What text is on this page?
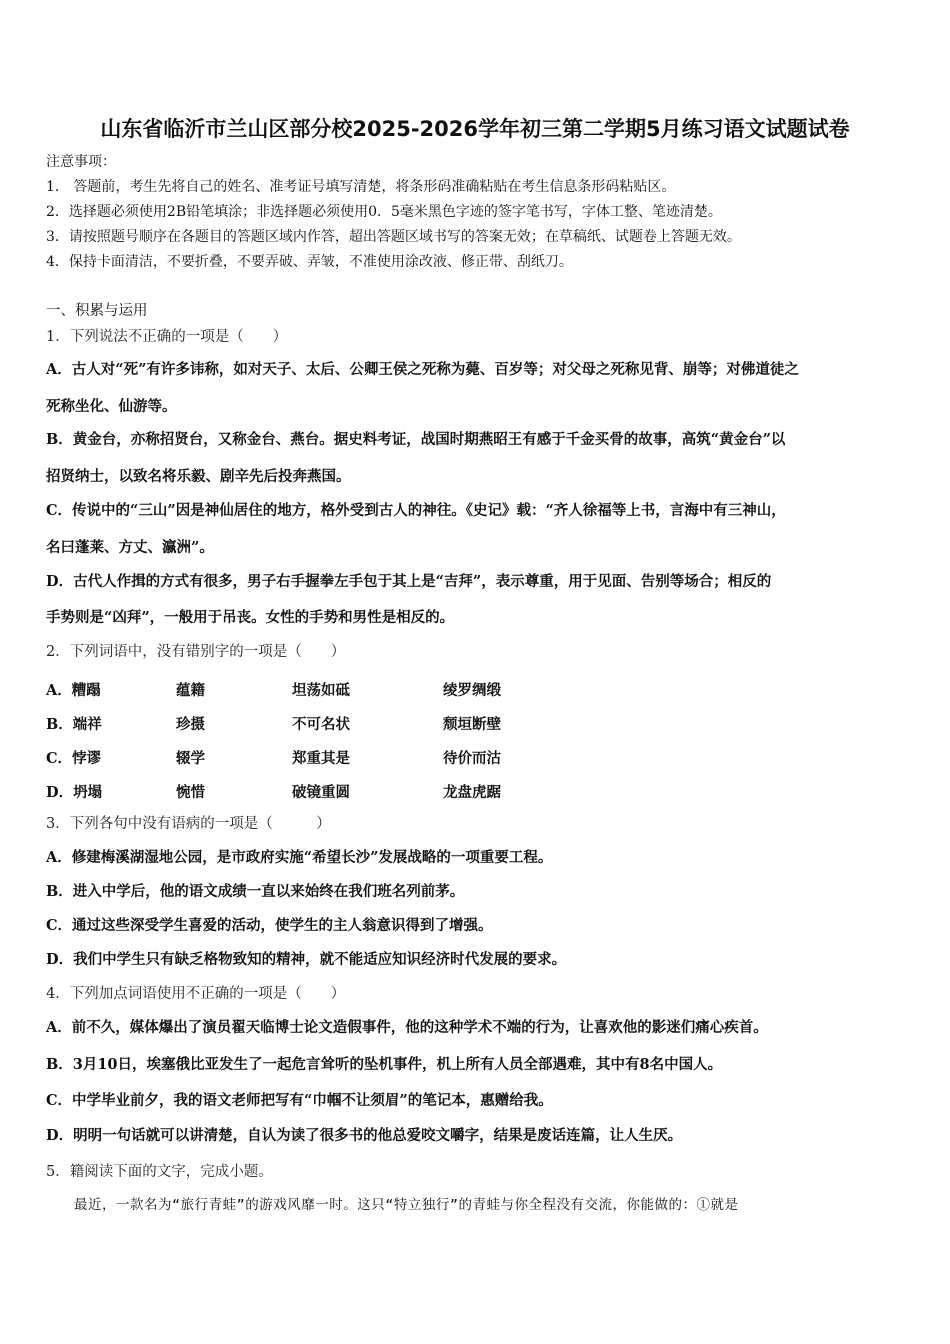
山东省临沂市兰山区部分校2025-2026学年初三第二学期5月练习语文试题试卷
注意事项：
1.　答题前，考生先将自己的姓名、准考证号填写清楚，将条形码准确粘贴在考生信息条形码粘贴区。
2．选择题必须使用2B铅笔填涂；非选择题必须使用0．5毫米黑色字迹的签字笔书写，字体工整、笔迹清楚。
3．请按照题号顺序在各题目的答题区域内作答，超出答题区域书写的答案无效；在草稿纸、试题卷上答题无效。
4．保持卡面清洁，不要折叠，不要弄破、弄皱，不准使用涂改液、修正带、刮纸刀。
一、积累与运用
1．下列说法不正确的一项是（　　）
A．古人对“死”有许多讳称，如对天子、太后、公卿王侯之死称为薨、百岁等；对父母之死称见背、崩等；对佛道徒之
死称坐化、仙游等。
B．黄金台，亦称招贤台，又称金台、燕台。据史料考证，战国时期燕昭王有感于千金买骨的故事，高筑“黄金台”以
招贤纳士，以致名将乐毅、剧辛先后投奔燕国。
C．传说中的“三山”因是神仙居住的地方，格外受到古人的神往。《史记》载：“齐人徐福等上书，言海中有三神山，
名曰蓬莱、方丈、瀛洲”。
D．古代人作揖的方式有很多，男子右手握拳左手包于其上是“吉拜”，表示尊重，用于见面、告别等场合；相反的
手势则是“凶拜”，一般用于吊丧。女性的手势和男性是相反的。
2．下列词语中，没有错别字的一项是（　　）
A．糟蹋	蕴籍	坦荡如砥	绫罗绸缎
B．端祥	珍摄	不可名状	颓垣断壁
C．悖谬	辍学	郑重其是	待价而沽
D．坍塌	惋惜	破镜重圆	龙盘虎踞
3．下列各句中没有语病的一项是（　　　）
A．修建梅溪湖湿地公园，是市政府实施“希望长沙”发展战略的一项重要工程。
B．进入中学后，他的语文成绩一直以来始终在我们班名列前茅。
C．通过这些深受学生喜爱的活动，使学生的主人翁意识得到了增强。
D．我们中学生只有缺乏格物致知的精神，就不能适应知识经济时代发展的要求。
4．下列加点词语使用不正确的一项是（　　）
A．前不久，媒体爆出了演员翟天临博士论文造假事件，他的这种学术不端的行为，让喜欢他的影迷们痛心疾首。
B．3月10日，埃塞俄比亚发生了一起危言耸听的坠机事件，机上所有人员全部遇难，其中有8名中国人。
C．中学毕业前夕，我的语文老师把写有“巾帼不让须眉”的笔记本，惠赠给我。
D．明明一句话就可以讲清楚，自认为读了很多书的他总爱咬文嚼字，结果是废话连篇，让人生厌。
5．籍阅读下面的文字，完成小题。
　　最近，一款名为“旅行青蛙”的游戏风靡一时。这只“特立独行”的青蛙与你全程没有交流，你能做的：①就是
